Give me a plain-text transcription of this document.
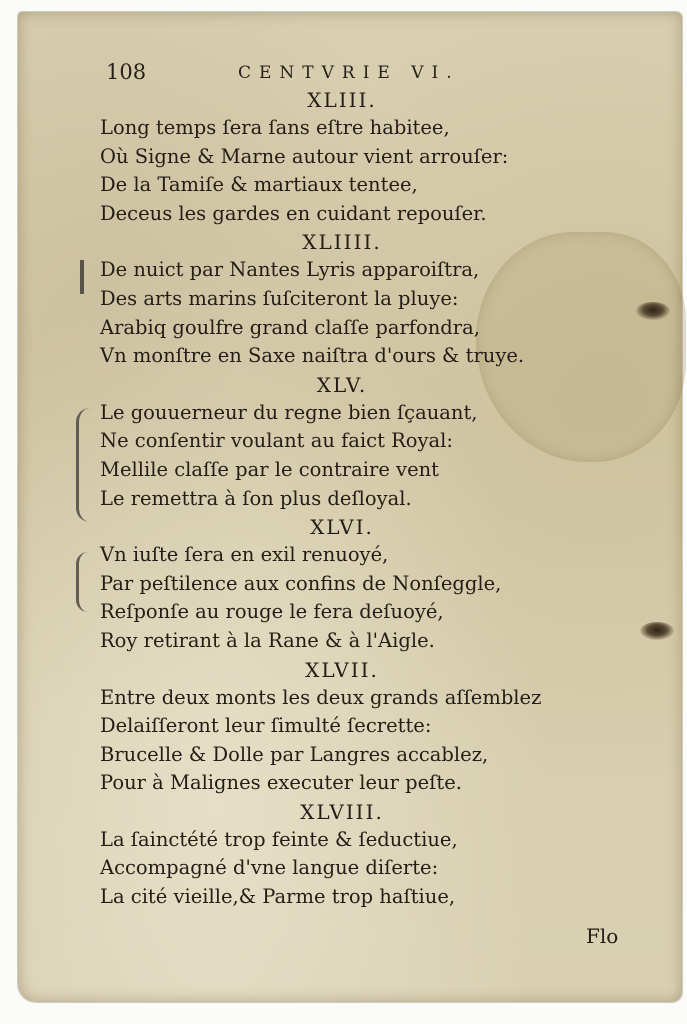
108	CENTVRIE VI.
XLIII.
Long temps ſera ſans eſtre habitee,
Où Signe & Marne autour vient arrouſer:
De la Tamiſe & martiaux tentee,
Deceus les gardes en cuidant repouſer.
XLIIII.
De nuict par Nantes Lyris apparoiſtra,
Des arts marins ſuſciteront la pluye:
Arabiq goulfre grand claſſe parfondra,
Vn monſtre en Saxe naiſtra d'ours & truye.
XLV.
Le gouuerneur du regne bien ſçauant,
Ne conſentir voulant au faict Royal:
Mellile claſſe par le contraire vent
Le remettra à ſon plus deſloyal.
XLVI.
Vn iuſte ſera en exil renuoyé,
Par peſtilence aux confins de Nonſeggle,
Reſponſe au rouge le fera deſuoyé,
Roy retirant à la Rane & à l'Aigle.
XLVII.
Entre deux monts les deux grands aſſemblez
Delaiſſeront leur ſimulté ſecrette:
Brucelle & Dolle par Langres accablez,
Pour à Malignes executer leur peſte.
XLVIII.
La ſainctété trop feinte & ſeductiue,
Accompagné d'vne langue diſerte:
La cité vieille,& Parme trop haſtiue,
Flo
